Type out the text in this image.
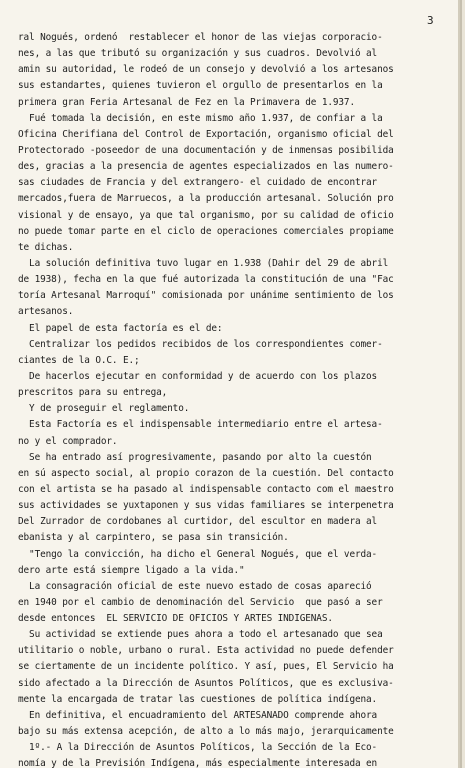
3
ral Nogués, ordenó  restablecer el honor de las viejas corporacio-
nes, a las que tributó su organización y sus cuadros. Devolvió al
amin su autoridad, le rodeó de un consejo y devolvió a los artesanos
sus estandartes, quienes tuvieron el orgullo de presentarlos en la
primera gran Feria Artesanal de Fez en la Primavera de 1.937.
Fué tomada la decisión, en este mismo año 1.937, de confiar a la
Oficina Cherifiana del Control de Exportación, organismo oficial del
Protectorado -poseedor de una documentación y de inmensas posibilida
des, gracias a la presencia de agentes especializados en las numero-
sas ciudades de Francia y del extrangero- el cuidado de encontrar
mercados,fuera de Marruecos, a la producción artesanal. Solución pro
visional y de ensayo, ya que tal organismo, por su calidad de oficio
no puede tomar parte en el ciclo de operaciones comerciales propiame
te dichas.
La solución definitiva tuvo lugar en 1.938 (Dahir del 29 de abril
de 1938), fecha en la que fué autorizada la constitución de una "Fac
toría Artesanal Marroquí" comisionada por unánime sentimiento de los
artesanos.
El papel de esta factoría es el de:
Centralizar los pedidos recibidos de los correspondientes comer-
ciantes de la O.C. E.;
De hacerlos ejecutar en conformidad y de acuerdo con los plazos
prescritos para su entrega,
Y de proseguir el reglamento.
Esta Factoría es el indispensable intermediario entre el artesa-
no y el comprador.
Se ha entrado así progresivamente, pasando por alto la cuestón
en sú aspecto social, al propio corazon de la cuestión. Del contacto
con el artista se ha pasado al indispensable contacto com el maestro
sus actividades se yuxtaponen y sus vidas familiares se interpenetra
Del Zurrador de cordobanes al curtidor, del escultor en madera al
ebanista y al carpintero, se pasa sin transición.
"Tengo la convicción, ha dicho el General Nogués, que el verda-
dero arte está siempre ligado a la vida."
La consagración oficial de este nuevo estado de cosas apareció
en 1940 por el cambio de denominación del Servicio  que pasó a ser
desde entonces  EL SERVICIO DE OFICIOS Y ARTES INDIGENAS.
Su actividad se extiende pues ahora a todo el artesanado que sea
utilitario o noble, urbano o rural. Esta actividad no puede defender
se ciertamente de un incidente político. Y así, pues, El Servicio ha
sido afectado a la Dirección de Asuntos Políticos, que es exclusiva-
mente la encargada de tratar las cuestiones de política indígena.
En definitiva, el encuadramiento del ARTESANADO comprende ahora
bajo su más extensa acepción, de alto a lo más majo, jerarquicamente
1º.- A la Dirección de Asuntos Políticos, la Sección de la Eco-
nomía y de la Previsión Indígena, más especialmente interesada en
